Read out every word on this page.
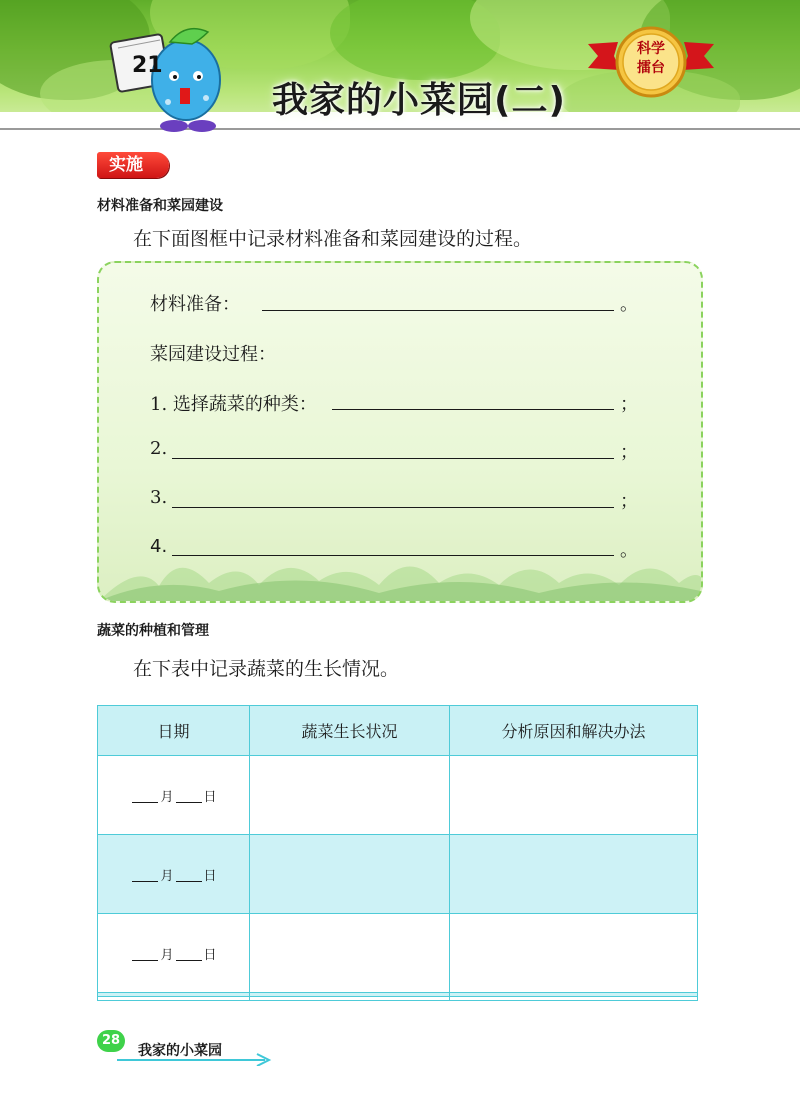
21
我家的小菜园(二)
科学
擂台
实施
材料准备和菜园建设
在下面图框中记录材料准备和菜园建设的过程。
材料准备：	。
菜园建设过程：
1. 选择蔬菜的种类：	；
2.	；
3.	；
4.	。
蔬菜的种植和管理
在下表中记录蔬菜的生长情况。
日期	蔬菜生长状况	分析原因和解决办法
月 日		
月 日		
月 日		

28
我家的小菜园
